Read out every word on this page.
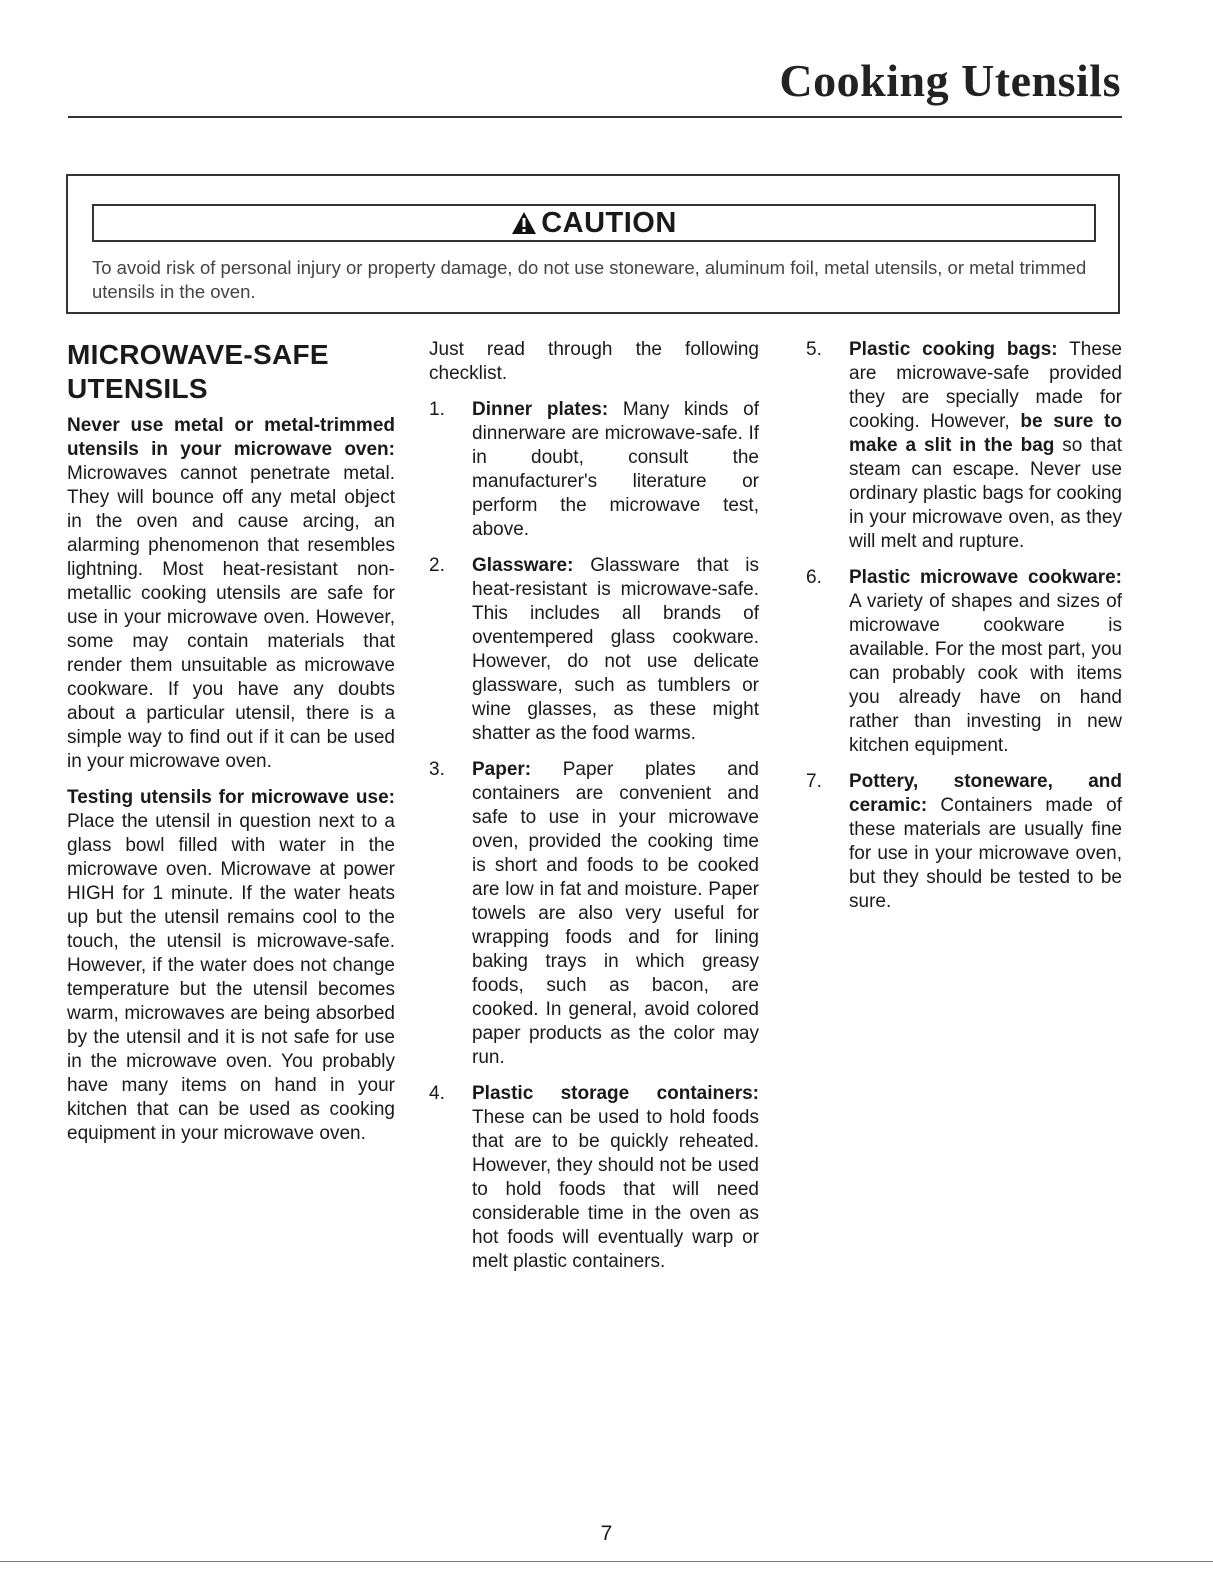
Cooking Utensils
CAUTION
To avoid risk of personal injury or property damage, do not use stoneware, aluminum foil, metal utensils, or metal trimmed utensils in the oven.
MICROWAVE-SAFE
UTENSILS

Never use metal or metal-trimmed utensils in your microwave oven: Microwaves cannot penetrate metal. They will bounce off any metal object in the oven and cause arcing, an alarming phenomenon that resembles lightning. Most heat-resistant non-metallic cooking utensils are safe for use in your microwave oven. However, some may contain materials that render them unsuitable as microwave cookware. If you have any doubts about a particular utensil, there is a simple way to find out if it can be used in your microwave oven.

Testing utensils for microwave use: Place the utensil in question next to a glass bowl filled with water in the microwave oven. Microwave at power HIGH for 1 minute. If the water heats up but the utensil remains cool to the touch, the utensil is microwave-safe. However, if the water does not change temperature but the utensil becomes warm, microwaves are being absorbed by the utensil and it is not safe for use in the microwave oven. You probably have many items on hand in your kitchen that can be used as cooking equipment in your microwave oven.

Just read through the following checklist.

1.	Dinner plates: Many kinds of dinnerware are microwave-safe. If in doubt, consult the manufacturer's literature or perform the microwave test, above.
2.	Glassware: Glassware that is heat-resistant is microwave-safe. This includes all brands of oventempered glass cookware. However, do not use delicate glassware, such as tumblers or wine glasses, as these might shatter as the food warms.
3.	Paper: Paper plates and containers are convenient and safe to use in your microwave oven, provided the cooking time is short and foods to be cooked are low in fat and moisture. Paper towels are also very useful for wrapping foods and for lining baking trays in which greasy foods, such as bacon, are cooked. In general, avoid colored paper products as the color may run.
4.	Plastic storage containers: These can be used to hold foods that are to be quickly reheated. However, they should not be used to hold foods that will need considerable time in the oven as hot foods will eventually warp or melt plastic containers.
5.	Plastic cooking bags: These are microwave-safe provided they are specially made for cooking. However, be sure to make a slit in the bag so that steam can escape. Never use ordinary plastic bags for cooking in your microwave oven, as they will melt and rupture.
6.	Plastic microwave cookware: A variety of shapes and sizes of microwave cookware is available. For the most part, you can probably cook with items you already have on hand rather than investing in new kitchen equipment.
7.	Pottery, stoneware, and ceramic: Containers made of these materials are usually fine for use in your microwave oven, but they should be tested to be sure.
7
